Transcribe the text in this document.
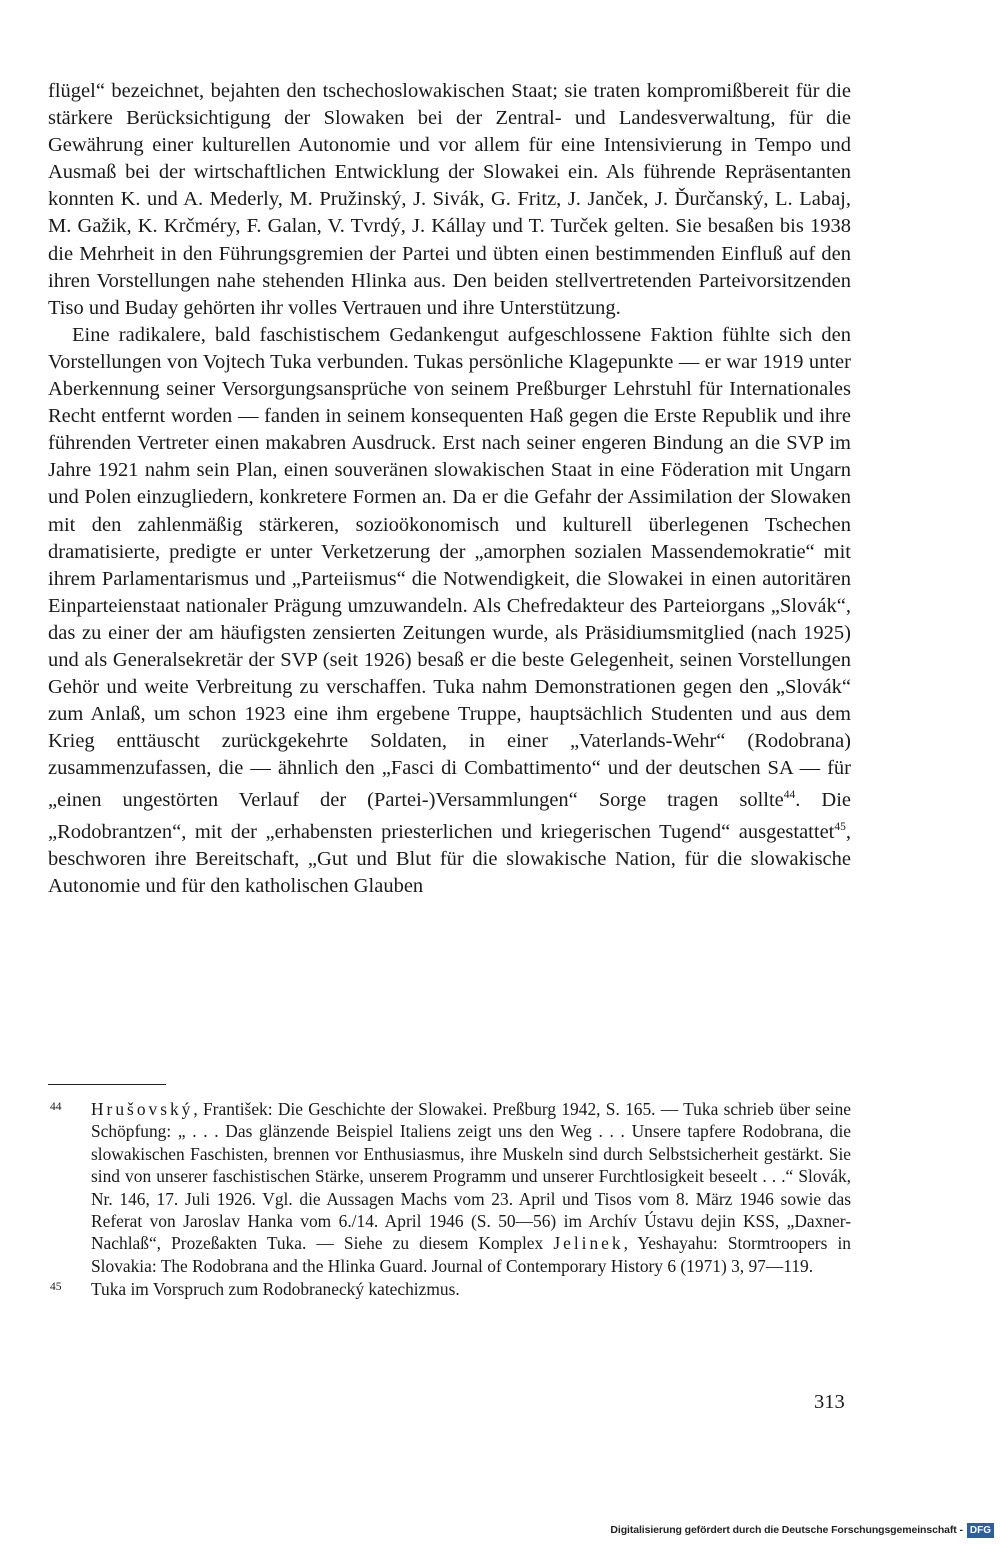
flügel“ bezeichnet, bejahten den tschechoslowakischen Staat; sie traten kompromißbereit für die stärkere Berücksichtigung der Slowaken bei der Zentral- und Landesverwaltung, für die Gewährung einer kulturellen Autonomie und vor allem für eine Intensivierung in Tempo und Ausmaß bei der wirtschaftlichen Entwicklung der Slowakei ein. Als führende Repräsentanten konnten K. und A. Mederly, M. Pružinský, J. Sivák, G. Fritz, J. Janček, J. Ďurčanský, L. Labaj, M. Gažik, K. Krčméry, F. Galan, V. Tvrdý, J. Kállay und T. Turček gelten. Sie besaßen bis 1938 die Mehrheit in den Führungsgremien der Partei und übten einen bestimmenden Einfluß auf den ihren Vorstellungen nahe stehenden Hlinka aus. Den beiden stellvertretenden Parteivorsitzenden Tiso und Buday gehörten ihr volles Vertrauen und ihre Unterstützung.

Eine radikalere, bald faschistischem Gedankengut aufgeschlossene Faktion fühlte sich den Vorstellungen von Vojtech Tuka verbunden. Tukas persönliche Klagepunkte — er war 1919 unter Aberkennung seiner Versorgungsansprüche von seinem Preßburger Lehrstuhl für Internationales Recht entfernt worden — fanden in seinem konsequenten Haß gegen die Erste Republik und ihre führenden Vertreter einen makabren Ausdruck. Erst nach seiner engeren Bindung an die SVP im Jahre 1921 nahm sein Plan, einen souveränen slowakischen Staat in eine Föderation mit Ungarn und Polen einzugliedern, konkretere Formen an. Da er die Gefahr der Assimilation der Slowaken mit den zahlenmäßig stärkeren, sozioökonomisch und kulturell überlegenen Tschechen dramatisierte, predigte er unter Verketzerung der „amorphen sozialen Massendemokratie“ mit ihrem Parlamentarismus und „Parteiismus“ die Notwendigkeit, die Slowakei in einen autoritären Einparteienstaat nationaler Prägung umzuwandeln. Als Chefredakteur des Parteiorgans „Slovák“, das zu einer der am häufigsten zensierten Zeitungen wurde, als Präsidiumsmitglied (nach 1925) und als Generalsekretär der SVP (seit 1926) besaß er die beste Gelegenheit, seinen Vorstellungen Gehör und weite Verbreitung zu verschaffen. Tuka nahm Demonstrationen gegen den „Slovák“ zum Anlaß, um schon 1923 eine ihm ergebene Truppe, hauptsächlich Studenten und aus dem Krieg enttäuscht zurückgekehrte Soldaten, in einer „Vaterlands-Wehr“ (Rodobrana) zusammenzufassen, die — ähnlich den „Fasci di Combattimento“ und der deutschen SA — für „einen ungestörten Verlauf der (Partei-)Versammlungen“ Sorge tragen sollte$^{44}$. Die „Rodobrantzen“, mit der „erhabensten priesterlichen und kriegerischen Tugend“ ausgestattet$^{45}$, beschworen ihre Bereitschaft, „Gut und Blut für die slowakische Nation, für die slowakische Autonomie und für den katholischen Glauben

44 Hrušovský, František: Die Geschichte der Slowakei. Preßburg 1942, S. 165. — Tuka schrieb über seine Schöpfung: „ . . . Das glänzende Beispiel Italiens zeigt uns den Weg . . . Unsere tapfere Rodobrana, die slowakischen Faschisten, brennen vor Enthusiasmus, ihre Muskeln sind durch Selbstsicherheit gestärkt. Sie sind von unserer faschistischen Stärke, unserem Programm und unserer Furchtlosigkeit beseelt . . .“ Slovák, Nr. 146, 17. Juli 1926. Vgl. die Aussagen Machs vom 23. April und Tisos vom 8. März 1946 sowie das Referat von Jaroslav Hanka vom 6./14. April 1946 (S. 50—56) im Archív Ústavu dejin KSS, „Daxner-Nachlaß“, Prozeßakten Tuka. — Siehe zu diesem Komplex Jelinek, Yeshayahu: Stormtroopers in Slovakia: The Rodobrana and the Hlinka Guard. Journal of Contemporary History 6 (1971) 3, 97—119.

45 Tuka im Vorspruch zum Rodobranecký katechizmus.

313
Digitalisierung gefördert durch die Deutsche Forschungsgemeinschaft - DFG
